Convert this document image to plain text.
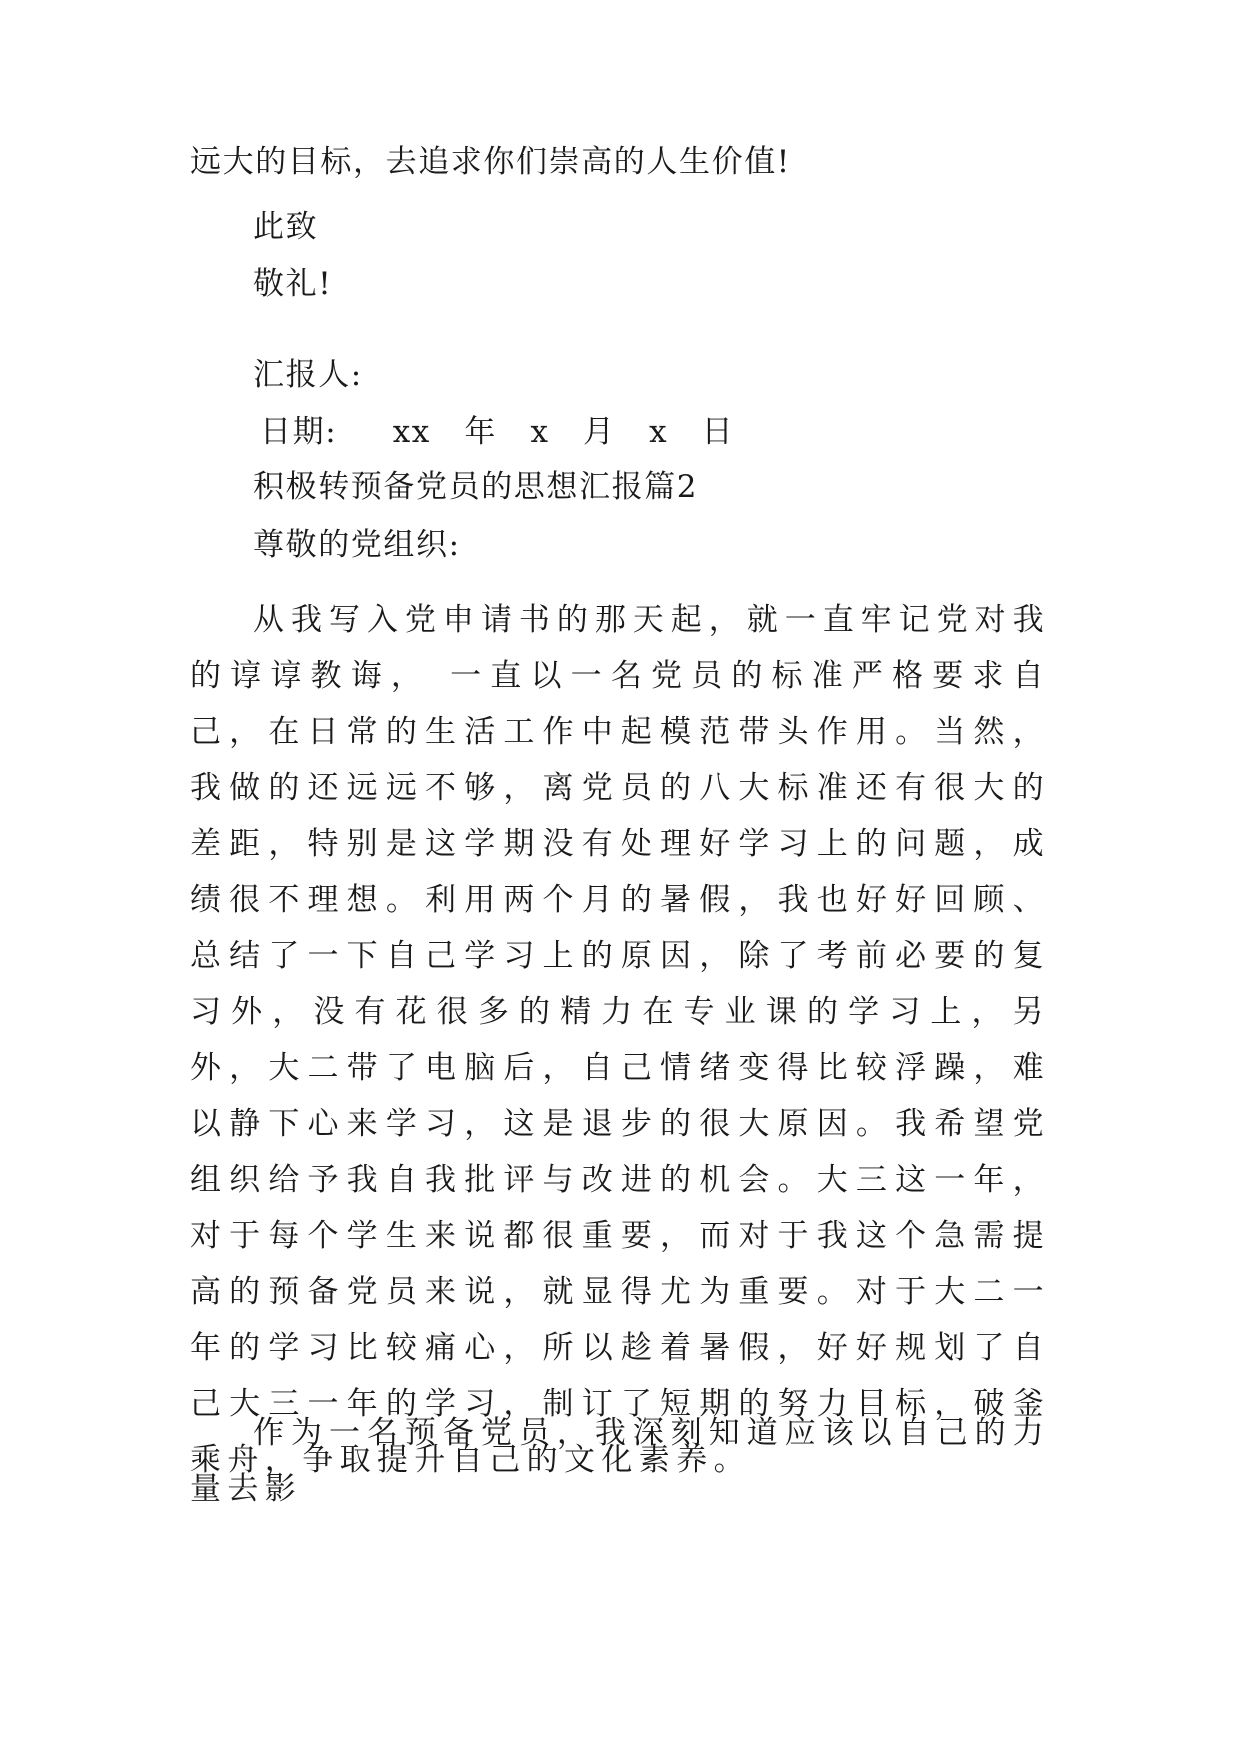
远大的目标，去追求你们崇高的人生价值!

此致

敬礼!

汇报人:

日期: xx 年 x 月 x 日

积极转预备党员的思想汇报篇2

尊敬的党组织:

从我写入党申请书的那天起，就一直牢记党对我的谆谆教诲， 一直以一名党员的标准严格要求自己，在日常的生活工作中起模范带头作用。当然，我做的还远远不够，离党员的八大标准还有很大的差距，特别是这学期没有处理好学习上的问题，成绩很不理想。利用两个月的暑假，我也好好回顾、总结了一下自己学习上的原因，除了考前必要的复习外，没有花很多的精力在专业课的学习上，另外，大二带了电脑后，自己情绪变得比较浮躁，难以静下心来学习，这是退步的很大原因。我希望党组织给予我自我批评与改进的机会。大三这一年，对于每个学生来说都很重要，而对于我这个急需提高的预备党员来说，就显得尤为重要。对于大二一年的学习比较痛心，所以趁着暑假，好好规划了自己大三一年的学习，制订了短期的努力目标，破釜乘舟，争取提升自己的文化素养。

作为一名预备党员，我深刻知道应该以自己的力量去影
